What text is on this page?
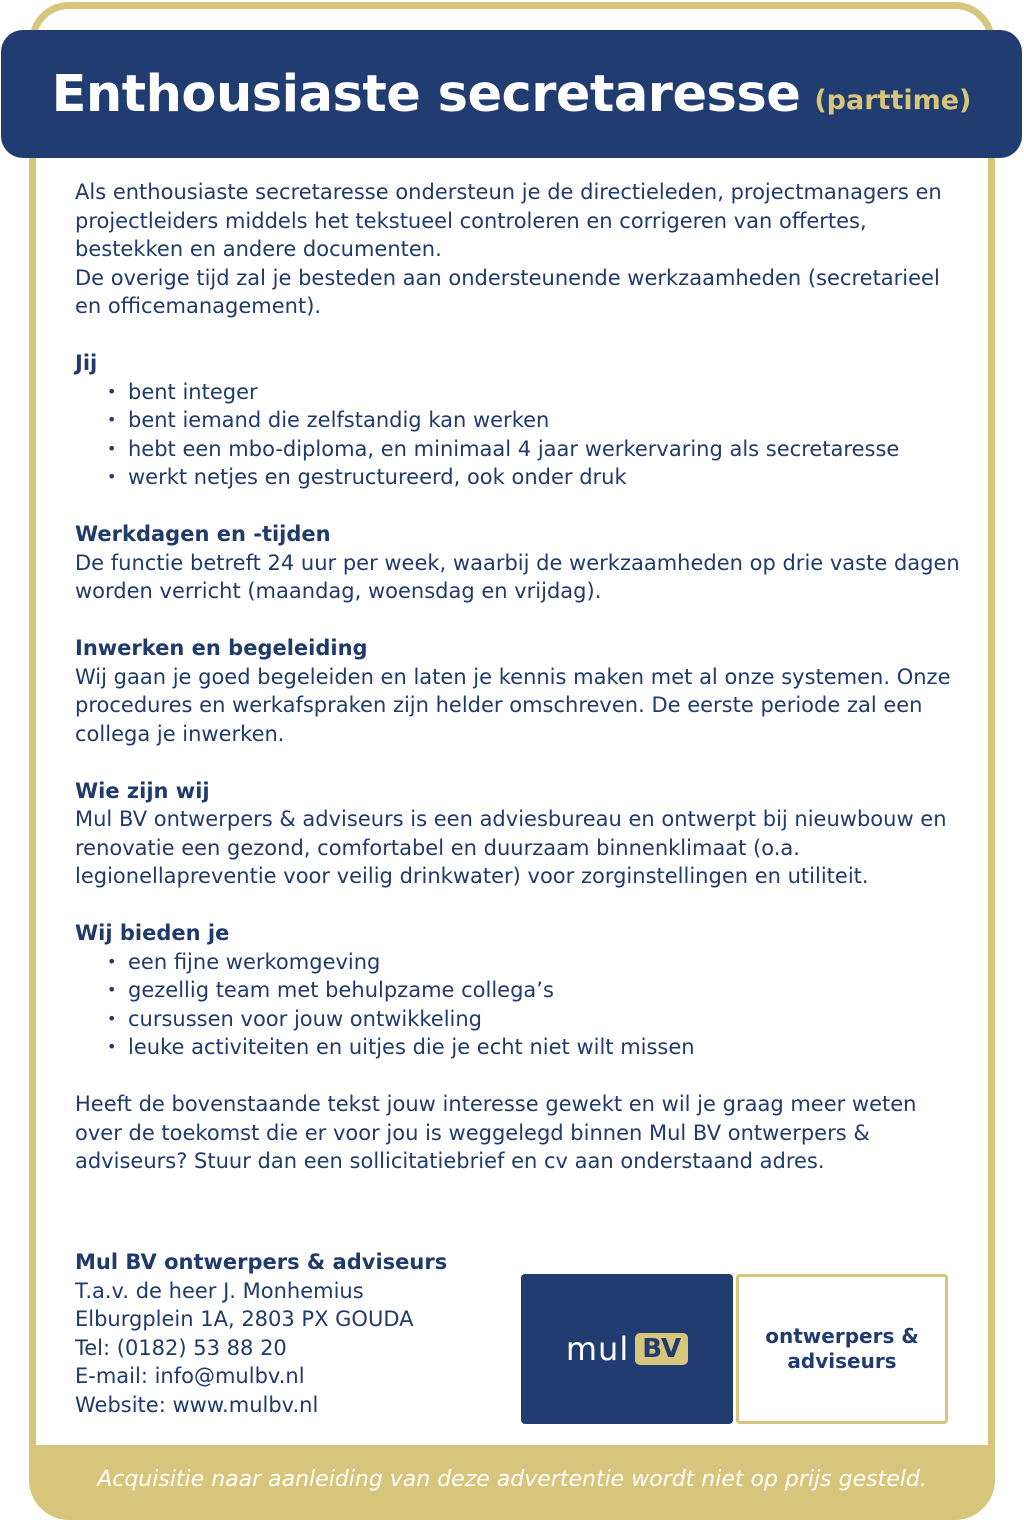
Acquisitie naar aanleiding van deze advertentie wordt niet op prijs gesteld.
Enthousiaste secretaresse (parttime)

Als enthousiaste secretaresse ondersteun je de directieleden, projectmanagers en projectleiders middels het tekstueel controleren en corrigeren van offertes, bestekken en andere documenten.

De overige tijd zal je besteden aan ondersteunende werkzaamheden (secretarieel en officemanagement).

Jij
• bent integer
• bent iemand die zelfstandig kan werken
• hebt een mbo-diploma, en minimaal 4 jaar werkervaring als secretaresse
• werkt netjes en gestructureerd, ook onder druk
Werkdagen en -tijden

De functie betreft 24 uur per week, waarbij de werkzaamheden op drie vaste dagen worden verricht (maandag, woensdag en vrijdag).

Inwerken en begeleiding

Wij gaan je goed begeleiden en laten je kennis maken met al onze systemen. Onze procedures en werkafspraken zijn helder omschreven. De eerste periode zal een collega je inwerken.

Wie zijn wij

Mul BV ontwerpers & adviseurs is een adviesbureau en ontwerpt bij nieuwbouw en renovatie een gezond, comfortabel en duurzaam binnenklimaat (o.a. legionellapreventie voor veilig drinkwater) voor zorginstellingen en utiliteit.

Wij bieden je
• een fijne werkomgeving
• gezellig team met behulpzame collega’s
• cursussen voor jouw ontwikkeling
• leuke activiteiten en uitjes die je echt niet wilt missen

Heeft de bovenstaande tekst jouw interesse gewekt en wil je graag meer weten over de toekomst die er voor jou is weggelegd binnen Mul BV ontwerpers & adviseurs? Stuur dan een sollicitatiebrief en cv aan onderstaand adres.

Mul BV ontwerpers & adviseurs
T.a.v. de heer J. Monhemius
Elburgplein 1A, 2803 PX GOUDA
Tel: (0182) 53 88 20
E-mail: info@mulbv.nl
Website: www.mulbv.nl
mul BV	ontwerpers &
adviseurs
